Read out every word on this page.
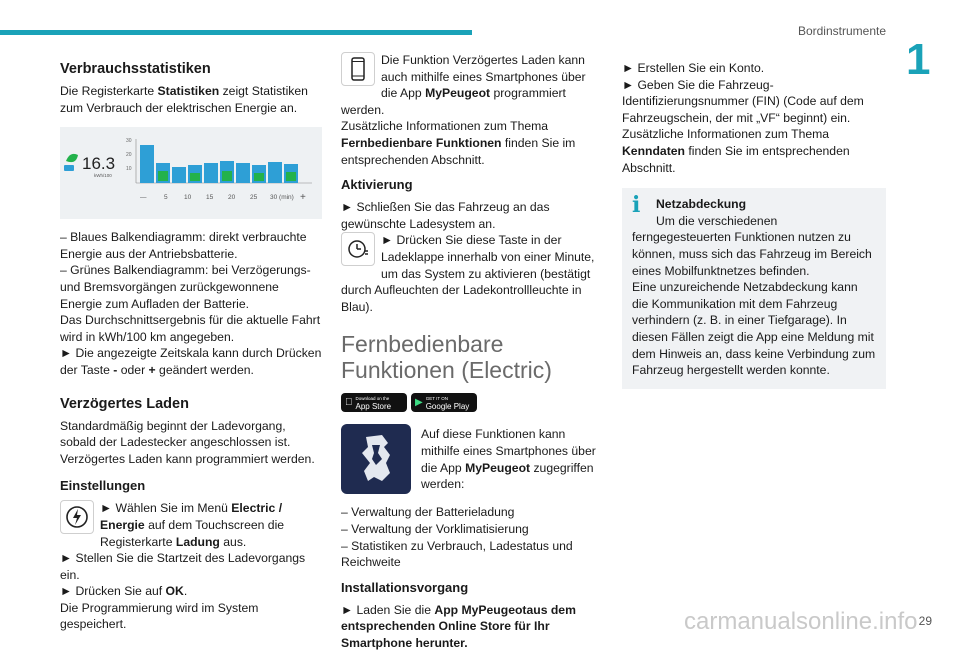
Bordinstrumente
1
Verbrauchsstatistiken

Die Registerkarte Statistiken zeigt Statistiken zum Verbrauch der elektrischen Energie an.

16.3
kWh/100
30
20
10
—	5	10 15 20 25 30 (min) +

– Blaues Balkendiagramm: direkt verbrauchte Energie aus der Antriebsbatterie.

– Grünes Balkendiagramm: bei Verzögerungs- und Bremsvorgängen zurückgewonnene Energie zum Aufladen der Batterie.

Das Durchschnittsergebnis für die aktuelle Fahrt wird in kWh/100 km angegeben.

► Die angezeigte Zeitskala kann durch Drücken der Taste - oder + geändert werden.

Verzögertes Laden

Standardmäßig beginnt der Ladevorgang, sobald der Ladestecker angeschlossen ist. Verzögertes Laden kann programmiert werden.

Einstellungen

► Wählen Sie im Menü Electric / Energie auf dem Touchscreen die Registerkarte Ladung aus.

► Stellen Sie die Startzeit des Ladevorgangs ein.

► Drücken Sie auf OK.

Die Programmierung wird im System gespeichert.

Die Funktion Verzögertes Laden kann auch mithilfe eines Smartphones über die App MyPeugeot programmiert werden.

Zusätzliche Informationen zum Thema Fernbedienbare Funktionen finden Sie im entsprechenden Abschnitt.

Aktivierung

► Schließen Sie das Fahrzeug an das gewünschte Ladesystem an.

► Drücken Sie diese Taste in der Ladeklappe innerhalb von einer Minute, um das System zu aktivieren (bestätigt durch Aufleuchten der Ladekontrollleuchte in Blau).

Fernbedienbare Funktionen (Electric)
Download on the
App Store	▶ GET IT ON
Google Play

Auf diese Funktionen kann mithilfe eines Smartphones über die App MyPeugeot zugegriffen werden:

– Verwaltung der Batterieladung

– Verwaltung der Vorklimatisierung

– Statistiken zu Verbrauch, Ladestatus und Reichweite

Installationsvorgang

► Laden Sie die App MyPeugeotaus dem entsprechenden Online Store für Ihr Smartphone herunter.

► Erstellen Sie ein Konto.

► Geben Sie die Fahrzeug-Identifizierungsnummer (FIN) (Code auf dem Fahrzeugschein, der mit „VF“ beginnt) ein.

Zusätzliche Informationen zum Thema Kenndaten finden Sie im entsprechenden Abschnitt.

i	Netzabdeckung

Um die verschiedenen ferngegesteuerten Funktionen nutzen zu können, muss sich das Fahrzeug im Bereich eines Mobilfunktnetzes befinden.

Eine unzureichende Netzabdeckung kann die Kommunikation mit dem Fahrzeug verhindern (z. B. in einer Tiefgarage). In diesen Fällen zeigt die App eine Meldung mit dem Hinweis an, dass keine Verbindung zum Fahrzeug hergestellt werden konnte.

29
carmanualsonline.info
